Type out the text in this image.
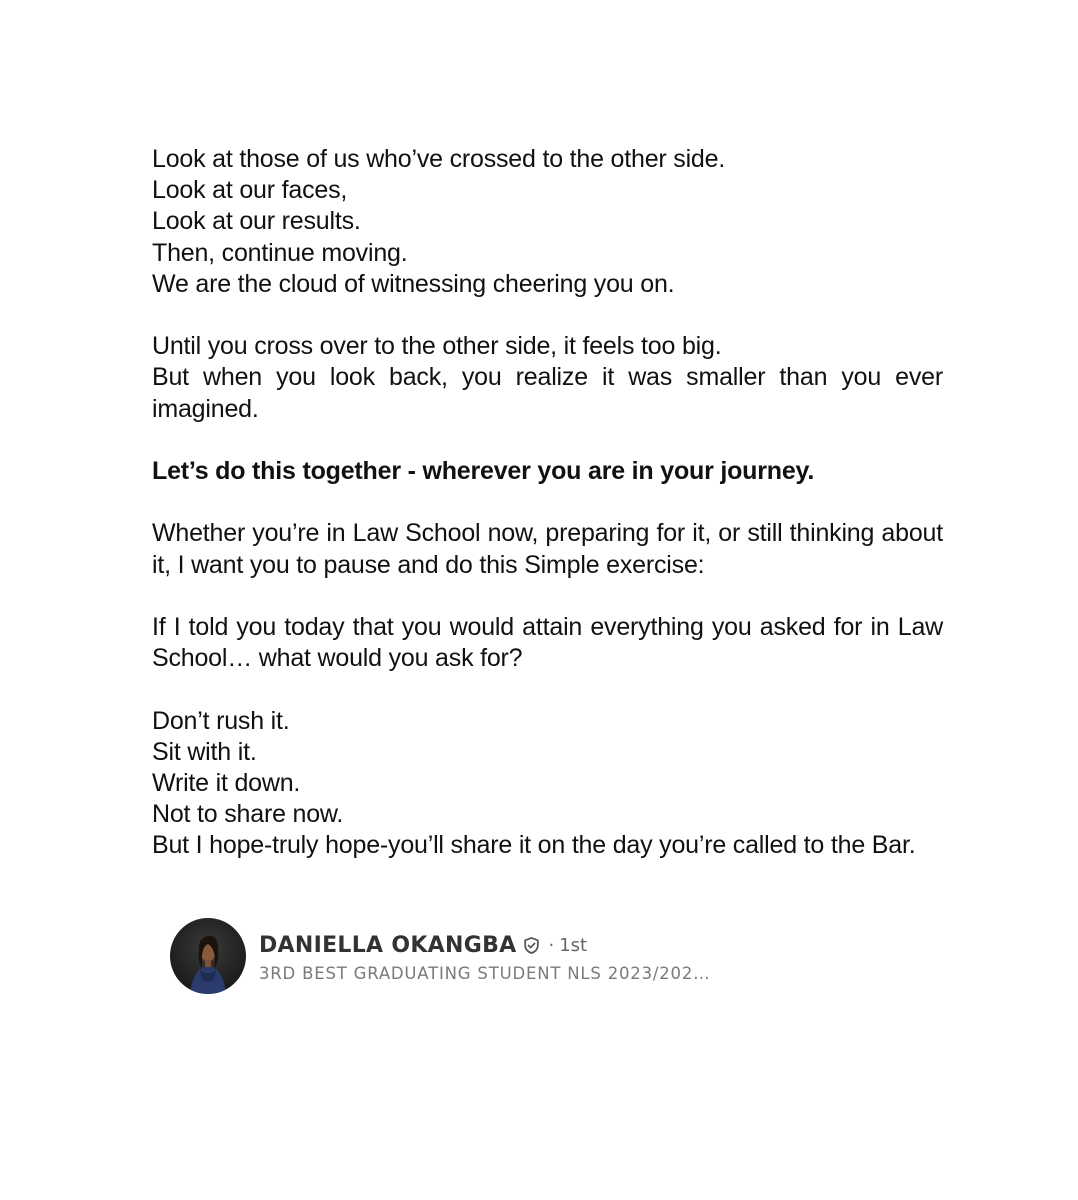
Look at those of us who’ve crossed to the other side.
Look at our faces,
Look at our results.
Then, continue moving.
We are the cloud of witnessing cheering you on.
Until you cross over to the other side, it feels too big.

But when you look back, you realize it was smaller than you ever imagined.

Let’s do this together - wherever you are in your journey.

Whether you’re in Law School now, preparing for it, or still thinking about it, I want you to pause and do this Simple exercise:

If I told you today that you would attain everything you asked for in Law School… what would you ask for?

Don’t rush it.
Sit with it.
Write it down.
Not to share now.
But I hope-truly hope-you’ll share it on the day you’re called to the Bar.
DANIELLA OKANGBA · 1st
3RD BEST GRADUATING STUDENT NLS 2023/202…
